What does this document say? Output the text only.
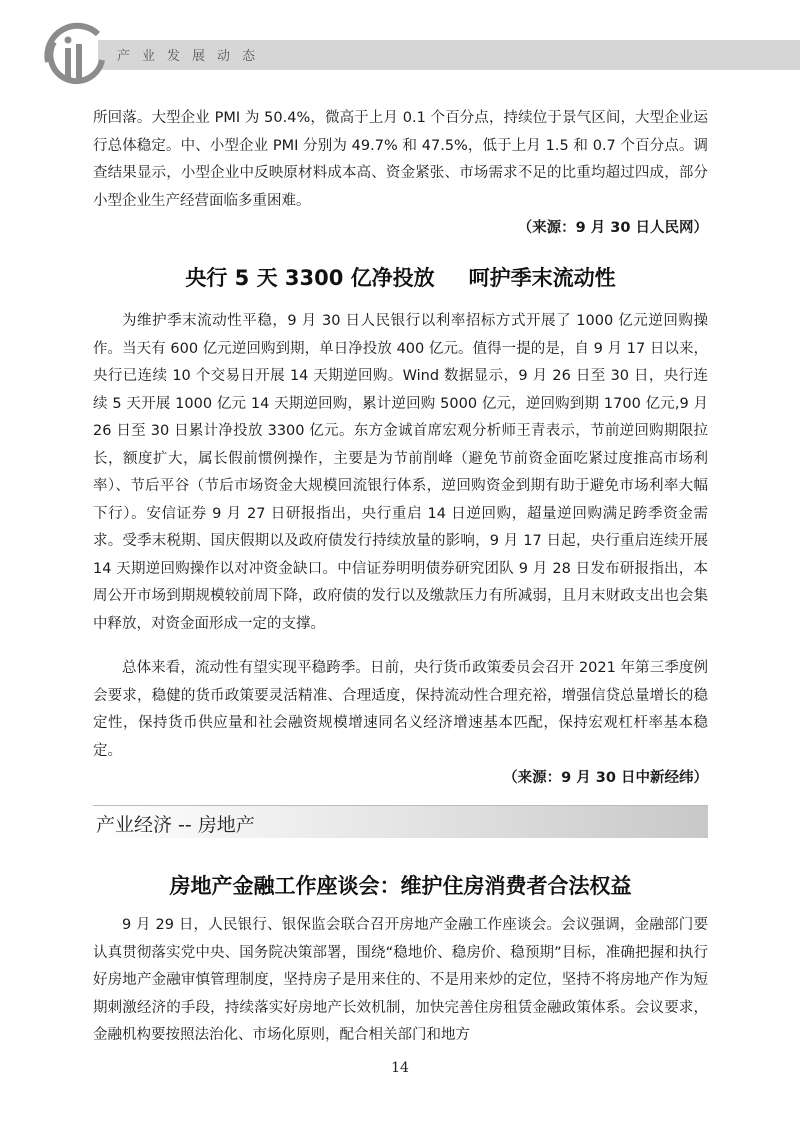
产业发展动态

所回落。大型企业 PMI 为 50.4%，微高于上月 0.1 个百分点，持续位于景气区间，大型企业运行总体稳定。中、小型企业 PMI 分别为 49.7% 和 47.5%，低于上月 1.5 和 0.7 个百分点。调查结果显示，小型企业中反映原材料成本高、资金紧张、市场需求不足的比重均超过四成，部分小型企业生产经营面临多重困难。
（来源：9 月 30 日人民网）

央行 5 天 3300 亿净投放 呵护季末流动性

为维护季末流动性平稳，9 月 30 日人民银行以利率招标方式开展了 1000 亿元逆回购操作。当天有 600 亿元逆回购到期，单日净投放 400 亿元。值得一提的是，自 9 月 17 日以来，央行已连续 10 个交易日开展 14 天期逆回购。Wind 数据显示，9 月 26 日至 30 日，央行连续 5 天开展 1000 亿元 14 天期逆回购，累计逆回购 5000 亿元，逆回购到期 1700 亿元,9 月 26 日至 30 日累计净投放 3300 亿元。东方金诚首席宏观分析师王青表示，节前逆回购期限拉长，额度扩大，属长假前惯例操作，主要是为节前削峰（避免节前资金面吃紧过度推高市场利率）、节后平谷（节后市场资金大规模回流银行体系，逆回购资金到期有助于避免市场利率大幅下行）。安信证券 9 月 27 日研报指出，央行重启 14 日逆回购，超量逆回购满足跨季资金需求。受季末税期、国庆假期以及政府债发行持续放量的影响，9 月 17 日起，央行重启连续开展 14 天期逆回购操作以对冲资金缺口。中信证券明明债券研究团队 9 月 28 日发布研报指出，本周公开市场到期规模较前周下降，政府债的发行以及缴款压力有所减弱，且月末财政支出也会集中释放，对资金面形成一定的支撑。

总体来看，流动性有望实现平稳跨季。日前，央行货币政策委员会召开 2021 年第三季度例会要求，稳健的货币政策要灵活精准、合理适度，保持流动性合理充裕，增强信贷总量增长的稳定性，保持货币供应量和社会融资规模增速同名义经济增速基本匹配，保持宏观杠杆率基本稳定。
（来源：9 月 30 日中新经纬）

产业经济 -- 房地产
房地产金融工作座谈会：维护住房消费者合法权益

9 月 29 日，人民银行、银保监会联合召开房地产金融工作座谈会。会议强调，金融部门要认真贯彻落实党中央、国务院决策部署，围绕“稳地价、稳房价、稳预期”目标，准确把握和执行好房地产金融审慎管理制度，坚持房子是用来住的、不是用来炒的定位，坚持不将房地产作为短期刺激经济的手段，持续落实好房地产长效机制，加快完善住房租赁金融政策体系。会议要求，金融机构要按照法治化、市场化原则，配合相关部门和地方

14
